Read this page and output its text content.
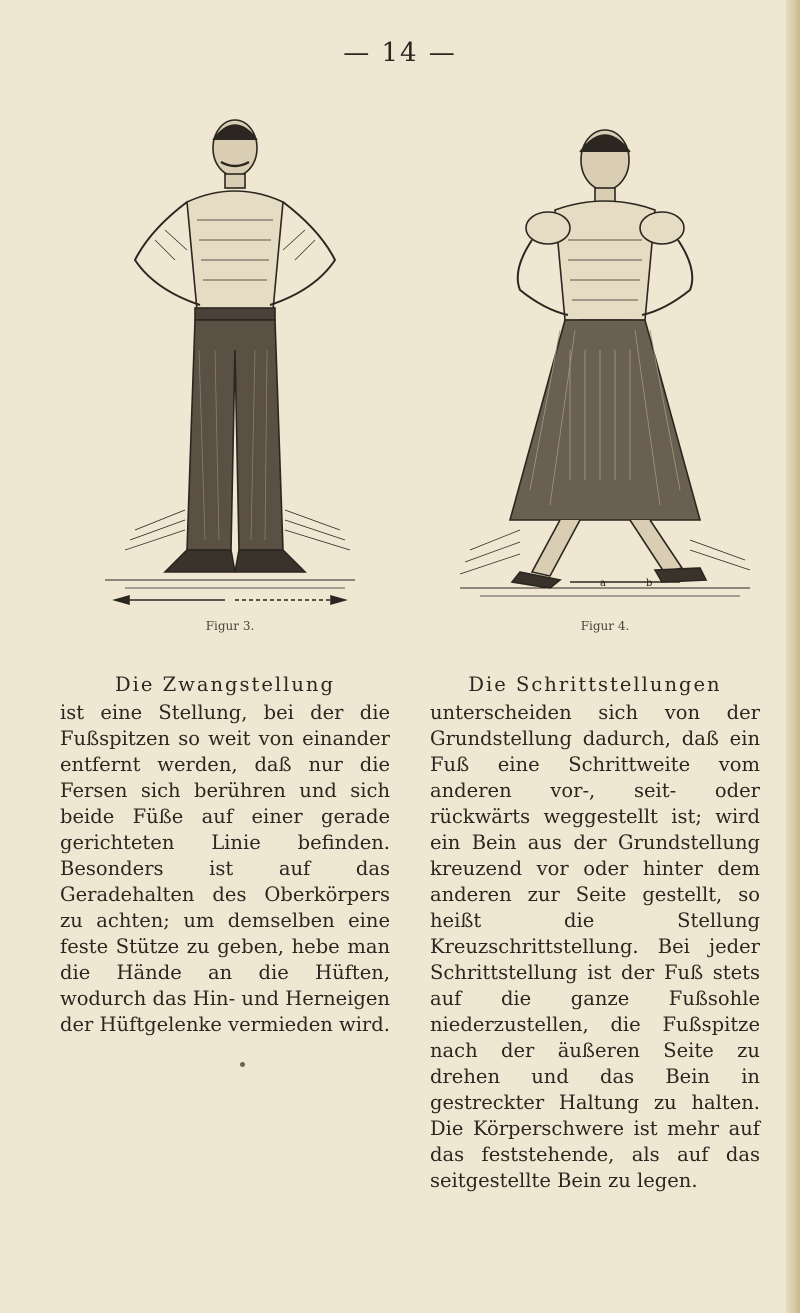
— 14 —
Figur 3.
a	b
Figur 4.
Die Zwangstellung
ist eine Stellung, bei der die Fußspitzen so weit von einander entfernt werden, daß nur die Fersen sich berühren und sich beide Füße auf einer gerade gerichteten Linie befinden. Besonders ist auf das Geradehalten des Oberkörpers zu achten; um demselben eine feste Stütze zu geben, hebe man die Hände an die Hüften, wodurch das Hin- und Herneigen der Hüftgelenke vermieden wird.
Die Schrittstellungen
unterscheiden sich von der Grundstellung dadurch, daß ein Fuß eine Schrittweite vom anderen vor-, seit- oder rückwärts weggestellt ist; wird ein Bein aus der Grundstellung kreuzend vor oder hinter dem anderen zur Seite gestellt, so heißt die Stellung Kreuzschrittstellung. Bei jeder Schrittstellung ist der Fuß stets auf die ganze Fußsohle niederzustellen, die Fußspitze nach der äußeren Seite zu drehen und das Bein in gestreckter Haltung zu halten. Die Körperschwere ist mehr auf das feststehende, als auf das seitgestellte Bein zu legen.
